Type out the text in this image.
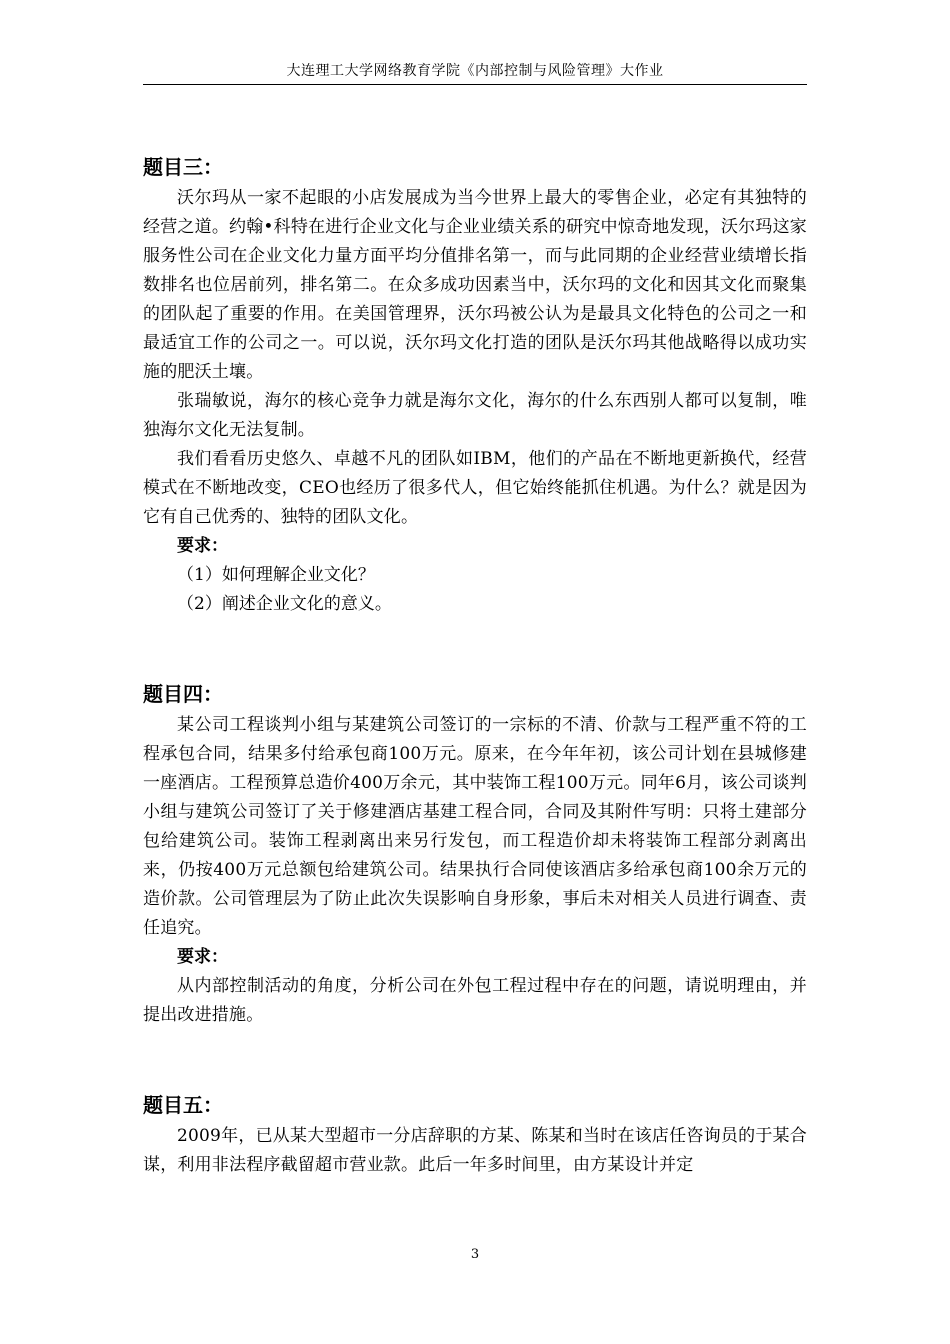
大连理工大学网络教育学院《内部控制与风险管理》大作业

题目三：

沃尔玛从一家不起眼的小店发展成为当今世界上最大的零售企业，必定有其独特的经营之道。约翰•科特在进行企业文化与企业业绩关系的研究中惊奇地发现，沃尔玛这家服务性公司在企业文化力量方面平均分值排名第一，而与此同期的企业经营业绩增长指数排名也位居前列，排名第二。在众多成功因素当中，沃尔玛的文化和因其文化而聚集的团队起了重要的作用。在美国管理界，沃尔玛被公认为是最具文化特色的公司之一和最适宜工作的公司之一。可以说，沃尔玛文化打造的团队是沃尔玛其他战略得以成功实施的肥沃土壤。

张瑞敏说，海尔的核心竞争力就是海尔文化，海尔的什么东西别人都可以复制，唯独海尔文化无法复制。

我们看看历史悠久、卓越不凡的团队如IBM，他们的产品在不断地更新换代，经营模式在不断地改变，CEO也经历了很多代人，但它始终能抓住机遇。为什么？就是因为它有自己优秀的、独特的团队文化。

要求：

（1）如何理解企业文化？

（2）阐述企业文化的意义。

题目四：

某公司工程谈判小组与某建筑公司签订的一宗标的不清、价款与工程严重不符的工程承包合同，结果多付给承包商100万元。原来，在今年年初，该公司计划在县城修建一座酒店。工程预算总造价400万余元，其中装饰工程100万元。同年6月，该公司谈判小组与建筑公司签订了关于修建酒店基建工程合同，合同及其附件写明：只将土建部分包给建筑公司。装饰工程剥离出来另行发包，而工程造价却未将装饰工程部分剥离出来，仍按400万元总额包给建筑公司。结果执行合同使该酒店多给承包商100余万元的造价款。公司管理层为了防止此次失误影响自身形象，事后未对相关人员进行调查、责任追究。

要求：

从内部控制活动的角度，分析公司在外包工程过程中存在的问题，请说明理由，并提出改进措施。

题目五：

2009年，已从某大型超市一分店辞职的方某、陈某和当时在该店任咨询员的于某合谋，利用非法程序截留超市营业款。此后一年多时间里，由方某设计并定

3
